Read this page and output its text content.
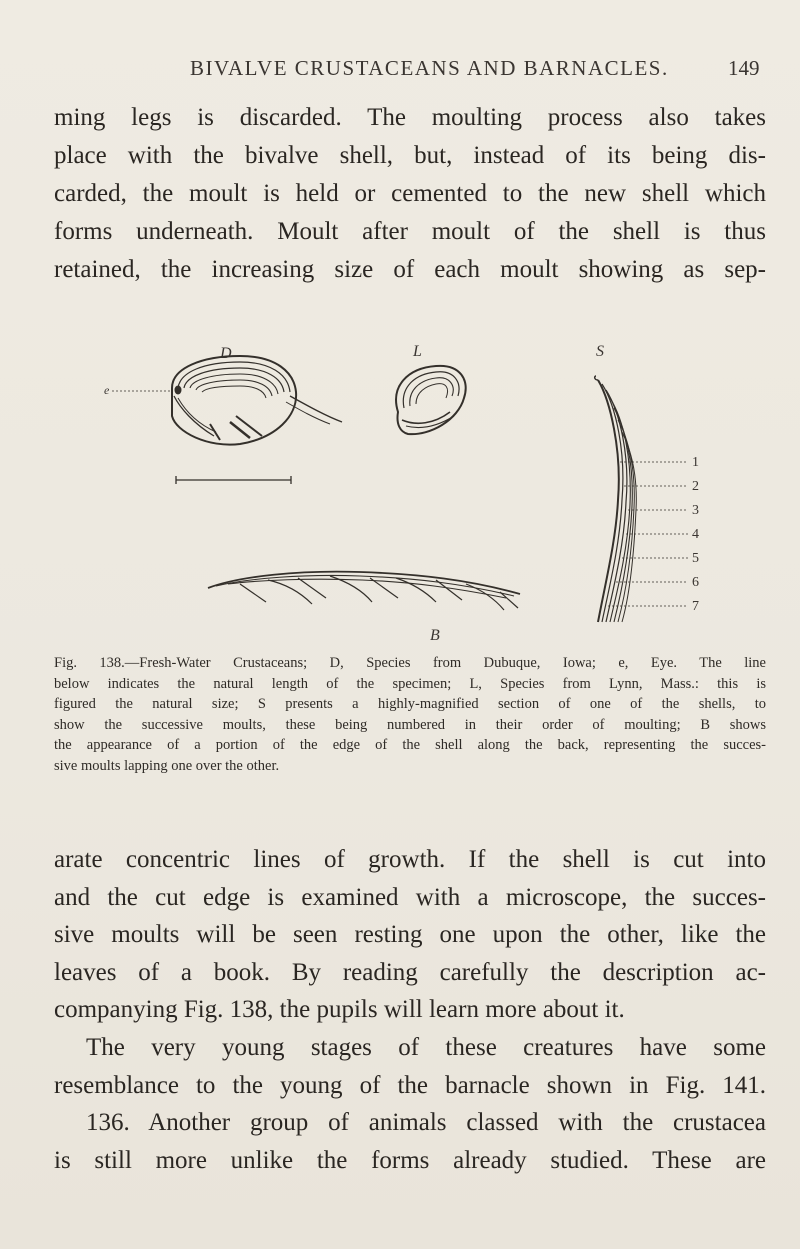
BIVALVE CRUSTACEANS AND BARNACLES.	149
ming legs is discarded. The moulting process also takes
place with the bivalve shell, but, instead of its being dis-
carded, the moult is held or cemented to the new shell which
forms underneath. Moult after moult of the shell is thus
retained, the increasing size of each moult showing as sep-
D	L	S
e
1
2
3
4
5
6
7
B
Fig. 138.—Fresh-Water Crustaceans; D, Species from Dubuque, Iowa; e, Eye. The line
below indicates the natural length of the specimen; L, Species from Lynn, Mass.: this is
figured the natural size; S presents a highly-magnified section of one of the shells, to
show the successive moults, these being numbered in their order of moulting; B shows
the appearance of a portion of the edge of the shell along the back, representing the succes-
sive moults lapping one over the other.
arate concentric lines of growth. If the shell is cut into
and the cut edge is examined with a microscope, the succes-
sive moults will be seen resting one upon the other, like the
leaves of a book. By reading carefully the description ac-
companying Fig. 138, the pupils will learn more about it.
The very young stages of these creatures have some
resemblance to the young of the barnacle shown in Fig. 141.
136. Another group of animals classed with the crustacea
is still more unlike the forms already studied. These are
